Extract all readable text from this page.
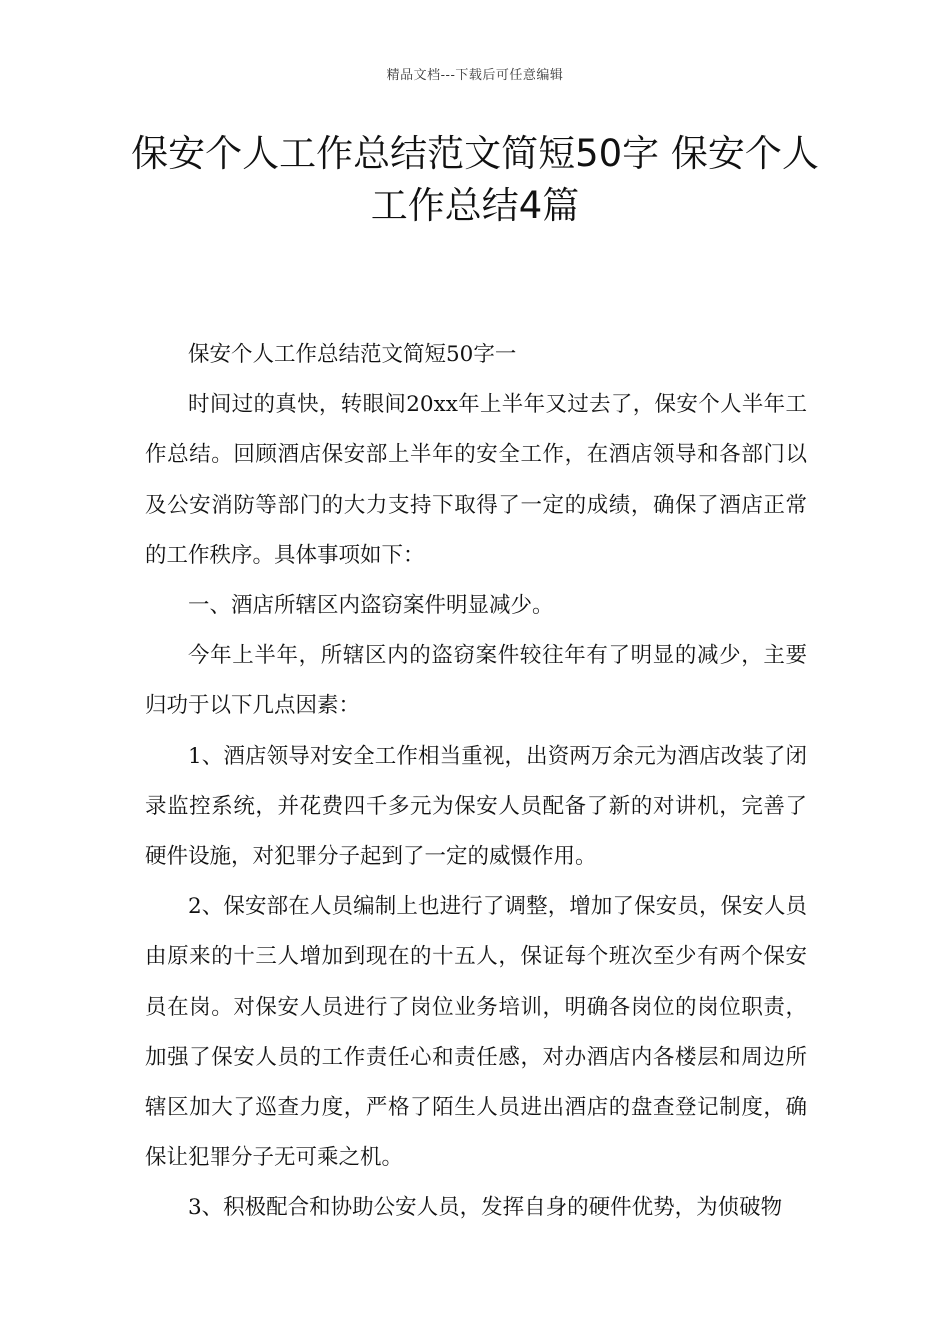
精品文档---下载后可任意编辑
保安个人工作总结范文简短50字 保安个人工作总结4篇

保安个人工作总结范文简短50字一

时间过的真快，转眼间20xx年上半年又过去了，保安个人半年工作总结。回顾酒店保安部上半年的安全工作，在酒店领导和各部门以及公安消防等部门的大力支持下取得了一定的成绩，确保了酒店正常的工作秩序。具体事项如下：

一、酒店所辖区内盗窃案件明显减少。

今年上半年，所辖区内的盗窃案件较往年有了明显的减少，主要归功于以下几点因素：

1、酒店领导对安全工作相当重视，出资两万余元为酒店改装了闭录监控系统，并花费四千多元为保安人员配备了新的对讲机，完善了硬件设施，对犯罪分子起到了一定的威慑作用。

2、保安部在人员编制上也进行了调整，增加了保安员，保安人员由原来的十三人增加到现在的十五人，保证每个班次至少有两个保安员在岗。对保安人员进行了岗位业务培训，明确各岗位的岗位职责，加强了保安人员的工作责任心和责任感，对办酒店内各楼层和周边所辖区加大了巡查力度，严格了陌生人员进出酒店的盘查登记制度，确保让犯罪分子无可乘之机。

3、积极配合和协助公安人员，发挥自身的硬件优势，为侦破物
